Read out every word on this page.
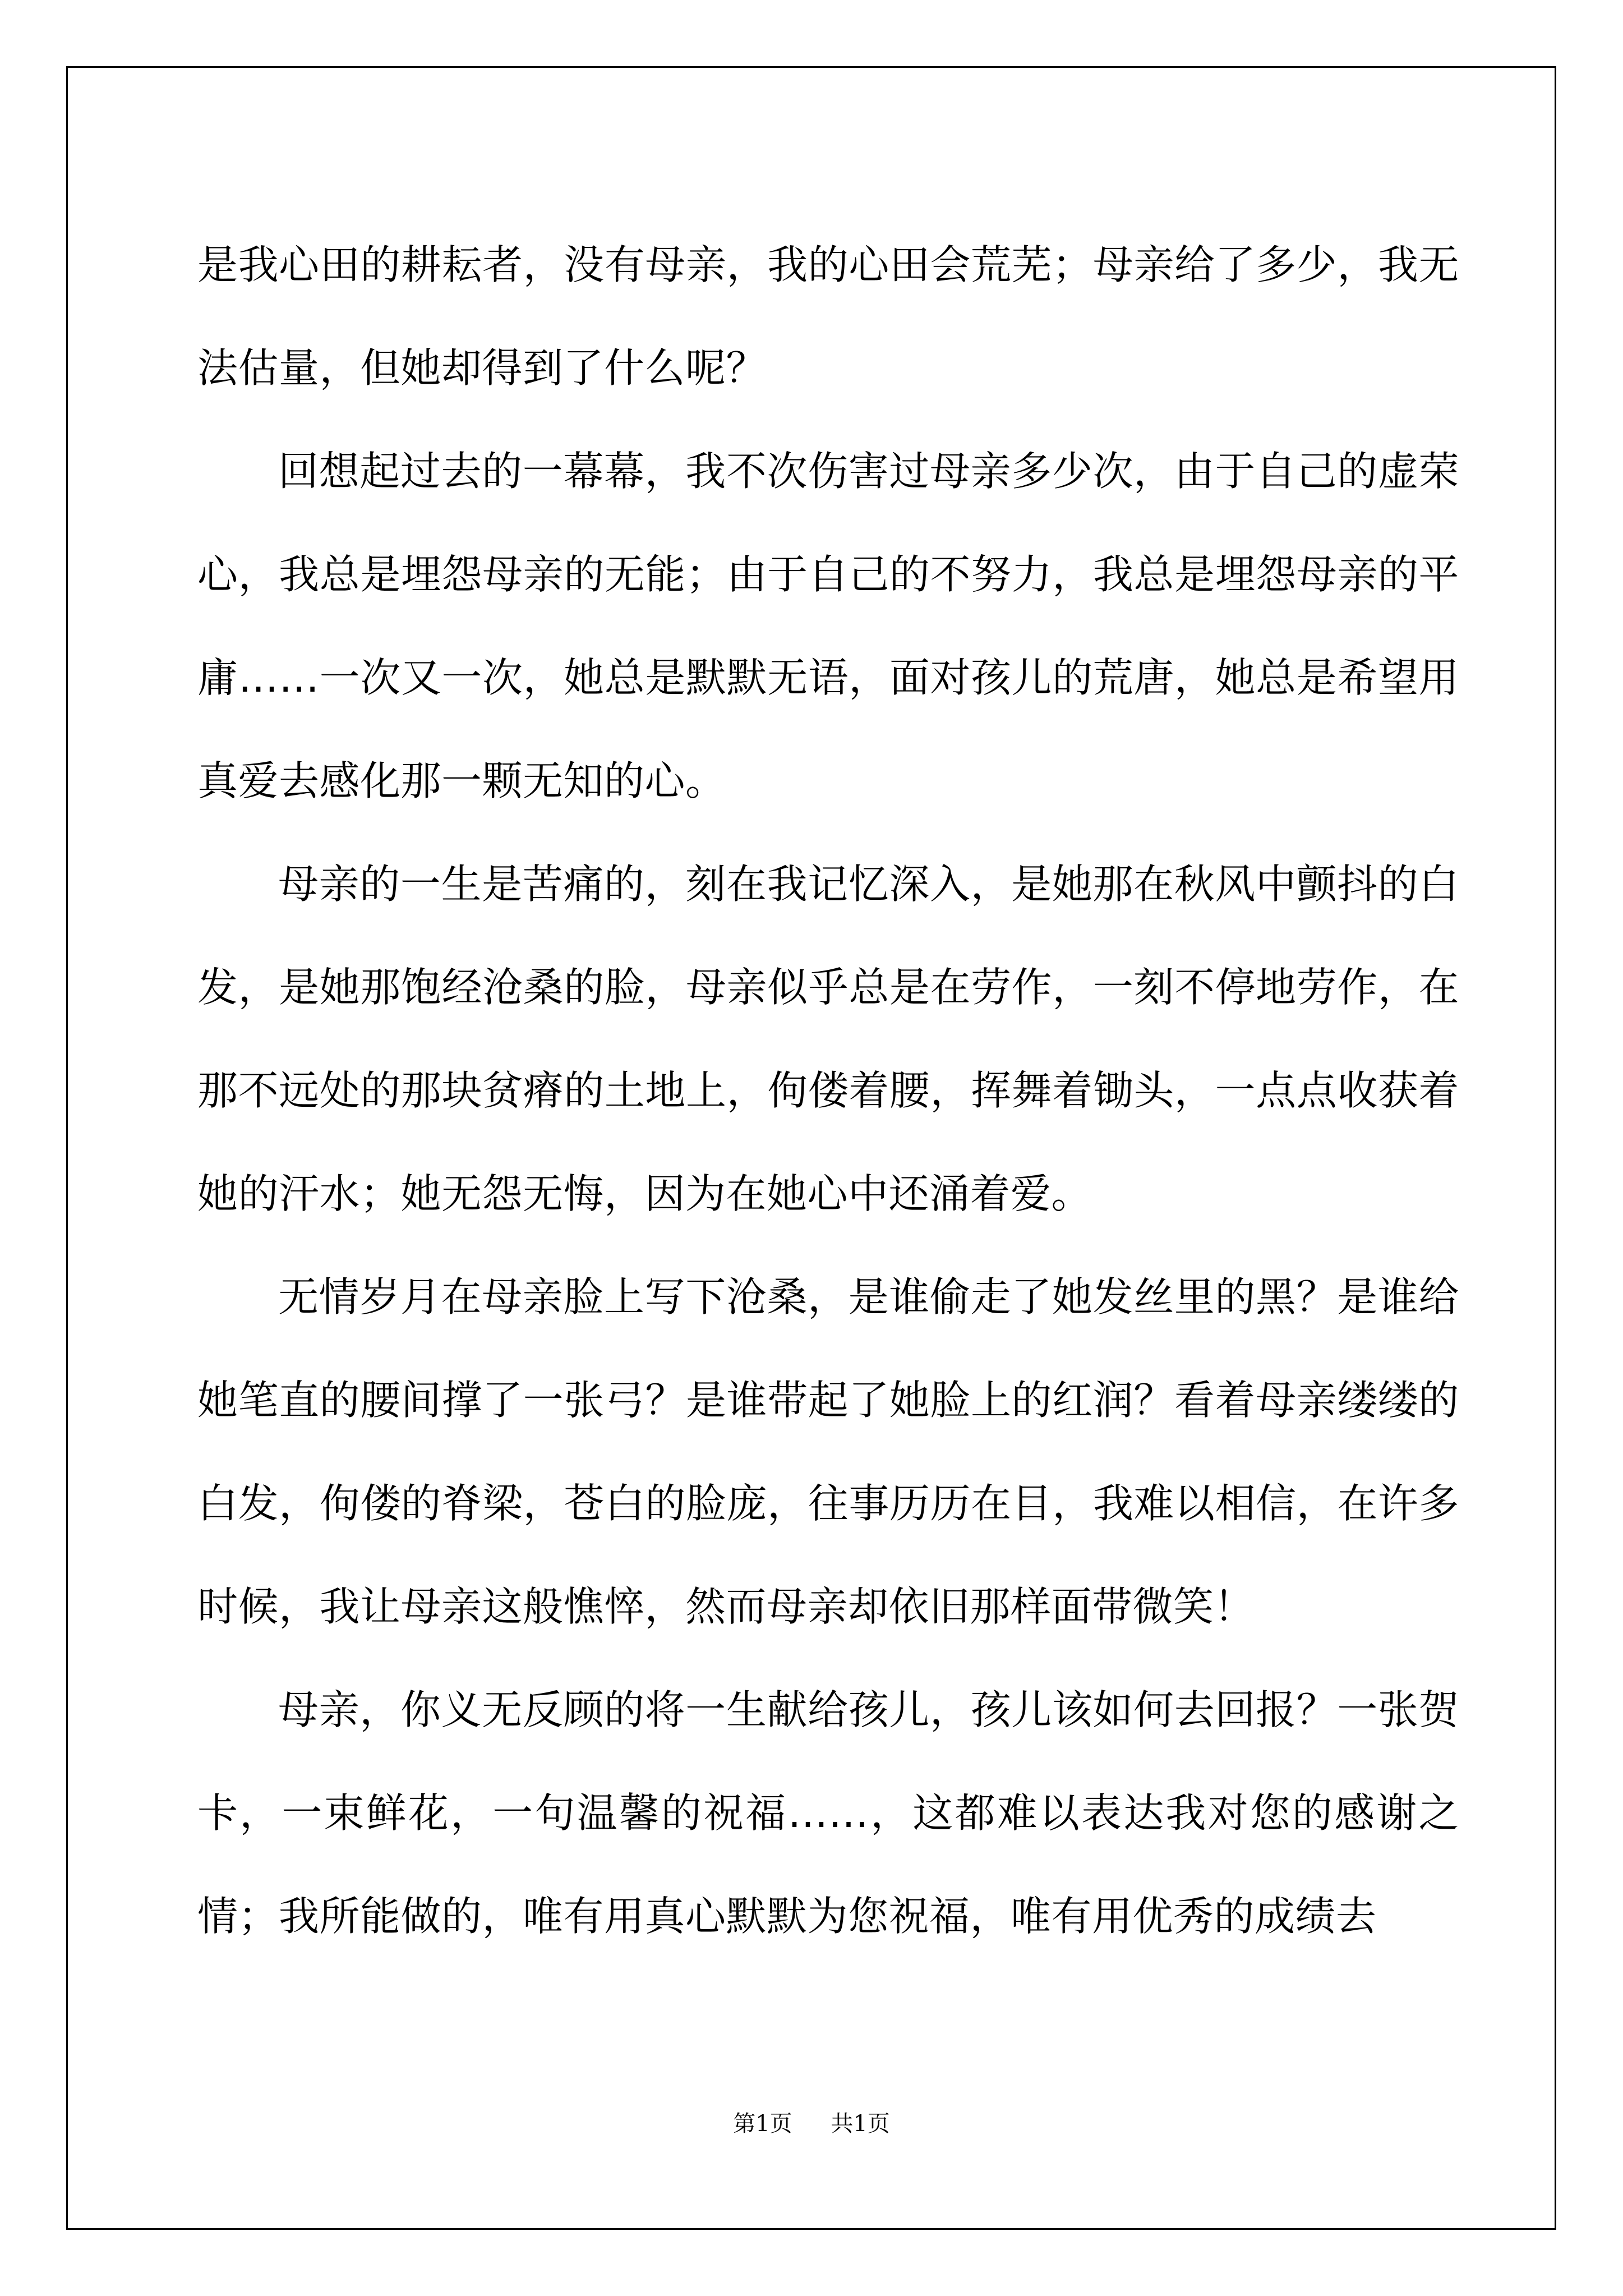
是我心田的耕耘者，没有母亲，我的心田会荒芜；母亲给了多少，我无法估量，但她却得到了什么呢？

回想起过去的一幕幕，我不次伤害过母亲多少次，由于自己的虚荣心，我总是埋怨母亲的无能；由于自己的不努力，我总是埋怨母亲的平庸……一次又一次，她总是默默无语，面对孩儿的荒唐，她总是希望用真爱去感化那一颗无知的心。

母亲的一生是苦痛的，刻在我记忆深入，是她那在秋风中颤抖的白发，是她那饱经沧桑的脸，母亲似乎总是在劳作，一刻不停地劳作，在那不远处的那块贫瘠的土地上，佝偻着腰，挥舞着锄头，一点点收获着她的汗水；她无怨无悔，因为在她心中还涌着爱。

无情岁月在母亲脸上写下沧桑，是谁偷走了她发丝里的黑？是谁给她笔直的腰间撑了一张弓？是谁带起了她脸上的红润？看着母亲缕缕的白发，佝偻的脊梁，苍白的脸庞，往事历历在目，我难以相信，在许多时候，我让母亲这般憔悴，然而母亲却依旧那样面带微笑！

母亲，你义无反顾的将一生献给孩儿，孩儿该如何去回报？一张贺卡，一束鲜花，一句温馨的祝福……，这都难以表达我对您的感谢之情；我所能做的，唯有用真心默默为您祝福，唯有用优秀的成绩去

第1页 共1页
